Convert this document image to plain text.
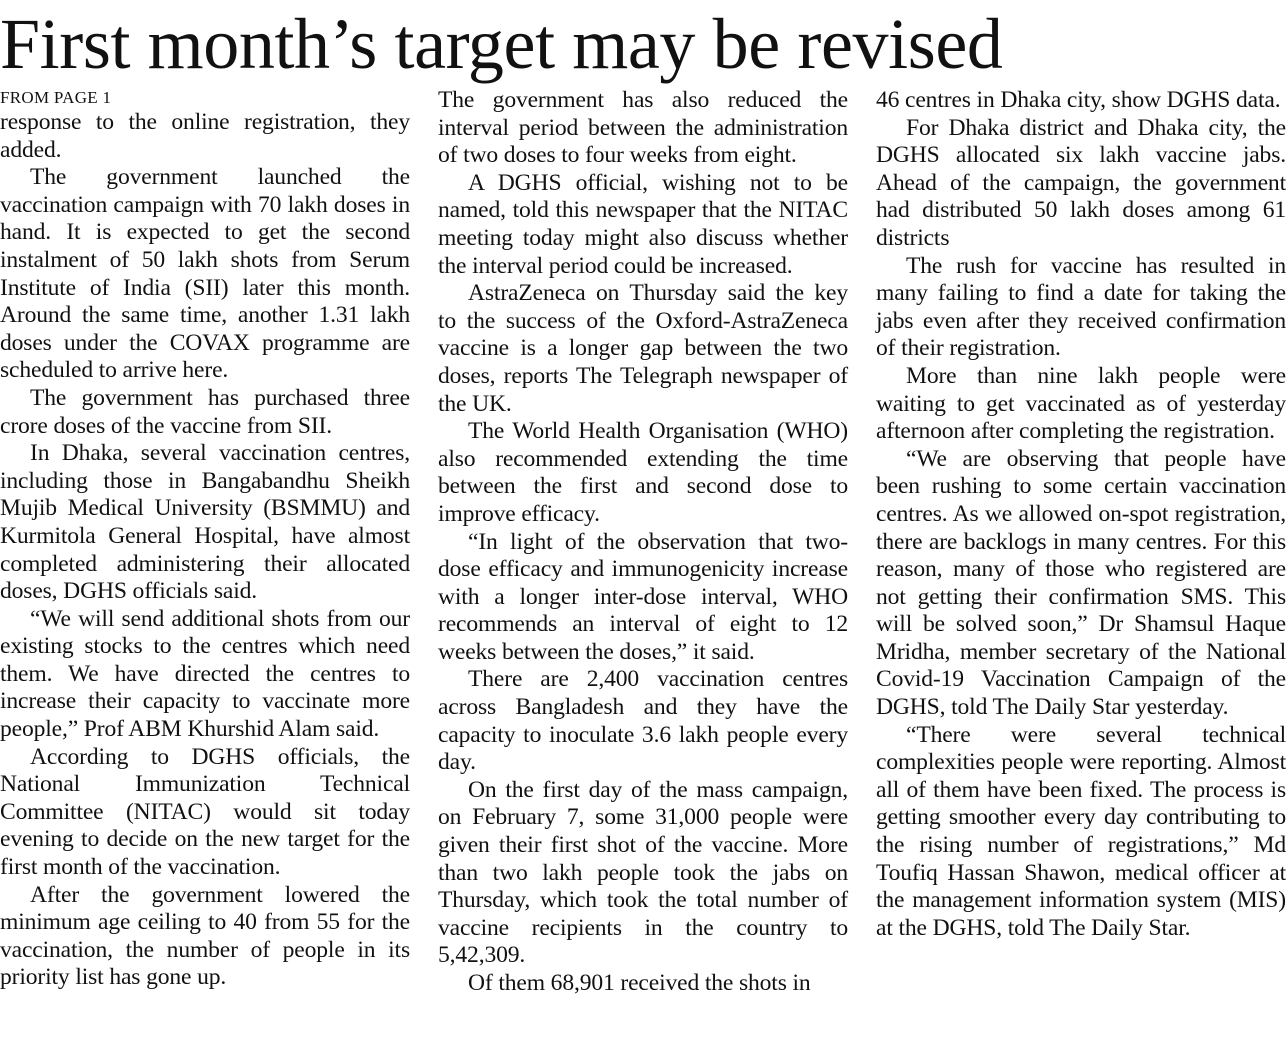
First month’s target may be revised
FROM PAGE 1

response to the online registration, they added.

The government launched the vaccination campaign with 70 lakh doses in hand. It is expected to get the second instalment of 50 lakh shots from Serum Institute of India (SII) later this month. Around the same time, another 1.31 lakh doses under the COVAX programme are scheduled to arrive here.

The government has purchased three crore doses of the vaccine from SII.

In Dhaka, several vaccination centres, including those in Bangabandhu Sheikh Mujib Medical University (BSMMU) and Kurmitola General Hospital, have almost completed administering their allocated doses, DGHS officials said.

“We will send additional shots from our existing stocks to the centres which need them. We have directed the centres to increase their capacity to vaccinate more people,” Prof ABM Khurshid Alam said.

According to DGHS officials, the National Immunization Technical Committee (NITAC) would sit today evening to decide on the new target for the first month of the vaccination.

After the government lowered the minimum age ceiling to 40 from 55 for the vaccination, the number of people in its priority list has gone up.

The government has also reduced the interval period between the administration of two doses to four weeks from eight.

A DGHS official, wishing not to be named, told this newspaper that the NITAC meeting today might also discuss whether the interval period could be increased.

AstraZeneca on Thursday said the key to the success of the Oxford-AstraZeneca vaccine is a longer gap between the two doses, reports The Telegraph newspaper of the UK.

The World Health Organisation (WHO) also recommended extending the time between the first and second dose to improve efficacy.

“In light of the observation that two-dose efficacy and immunogenicity increase with a longer inter-dose interval, WHO recommends an interval of eight to 12 weeks between the doses,” it said.

There are 2,400 vaccination centres across Bangladesh and they have the capacity to inoculate 3.6 lakh people every day.

On the first day of the mass campaign, on February 7, some 31,000 people were given their first shot of the vaccine. More than two lakh people took the jabs on Thursday, which took the total number of vaccine recipients in the country to 5,42,309.

Of them 68,901 received the shots in

46 centres in Dhaka city, show DGHS data.

For Dhaka district and Dhaka city, the DGHS allocated six lakh vaccine jabs. Ahead of the campaign, the government had distributed 50 lakh doses among 61 districts

The rush for vaccine has resulted in many failing to find a date for taking the jabs even after they received confirmation of their registration.

More than nine lakh people were waiting to get vaccinated as of yesterday afternoon after completing the registration.

“We are observing that people have been rushing to some certain vaccination centres. As we allowed on-spot registration, there are backlogs in many centres. For this reason, many of those who registered are not getting their confirmation SMS. This will be solved soon,” Dr Shamsul Haque Mridha, member secretary of the National Covid-19 Vaccination Campaign of the DGHS, told The Daily Star yesterday.

“There were several technical complexities people were reporting. Almost all of them have been fixed. The process is getting smoother every day contributing to the rising number of registrations,” Md Toufiq Hassan Shawon, medical officer at the management information system (MIS) at the DGHS, told The Daily Star.
